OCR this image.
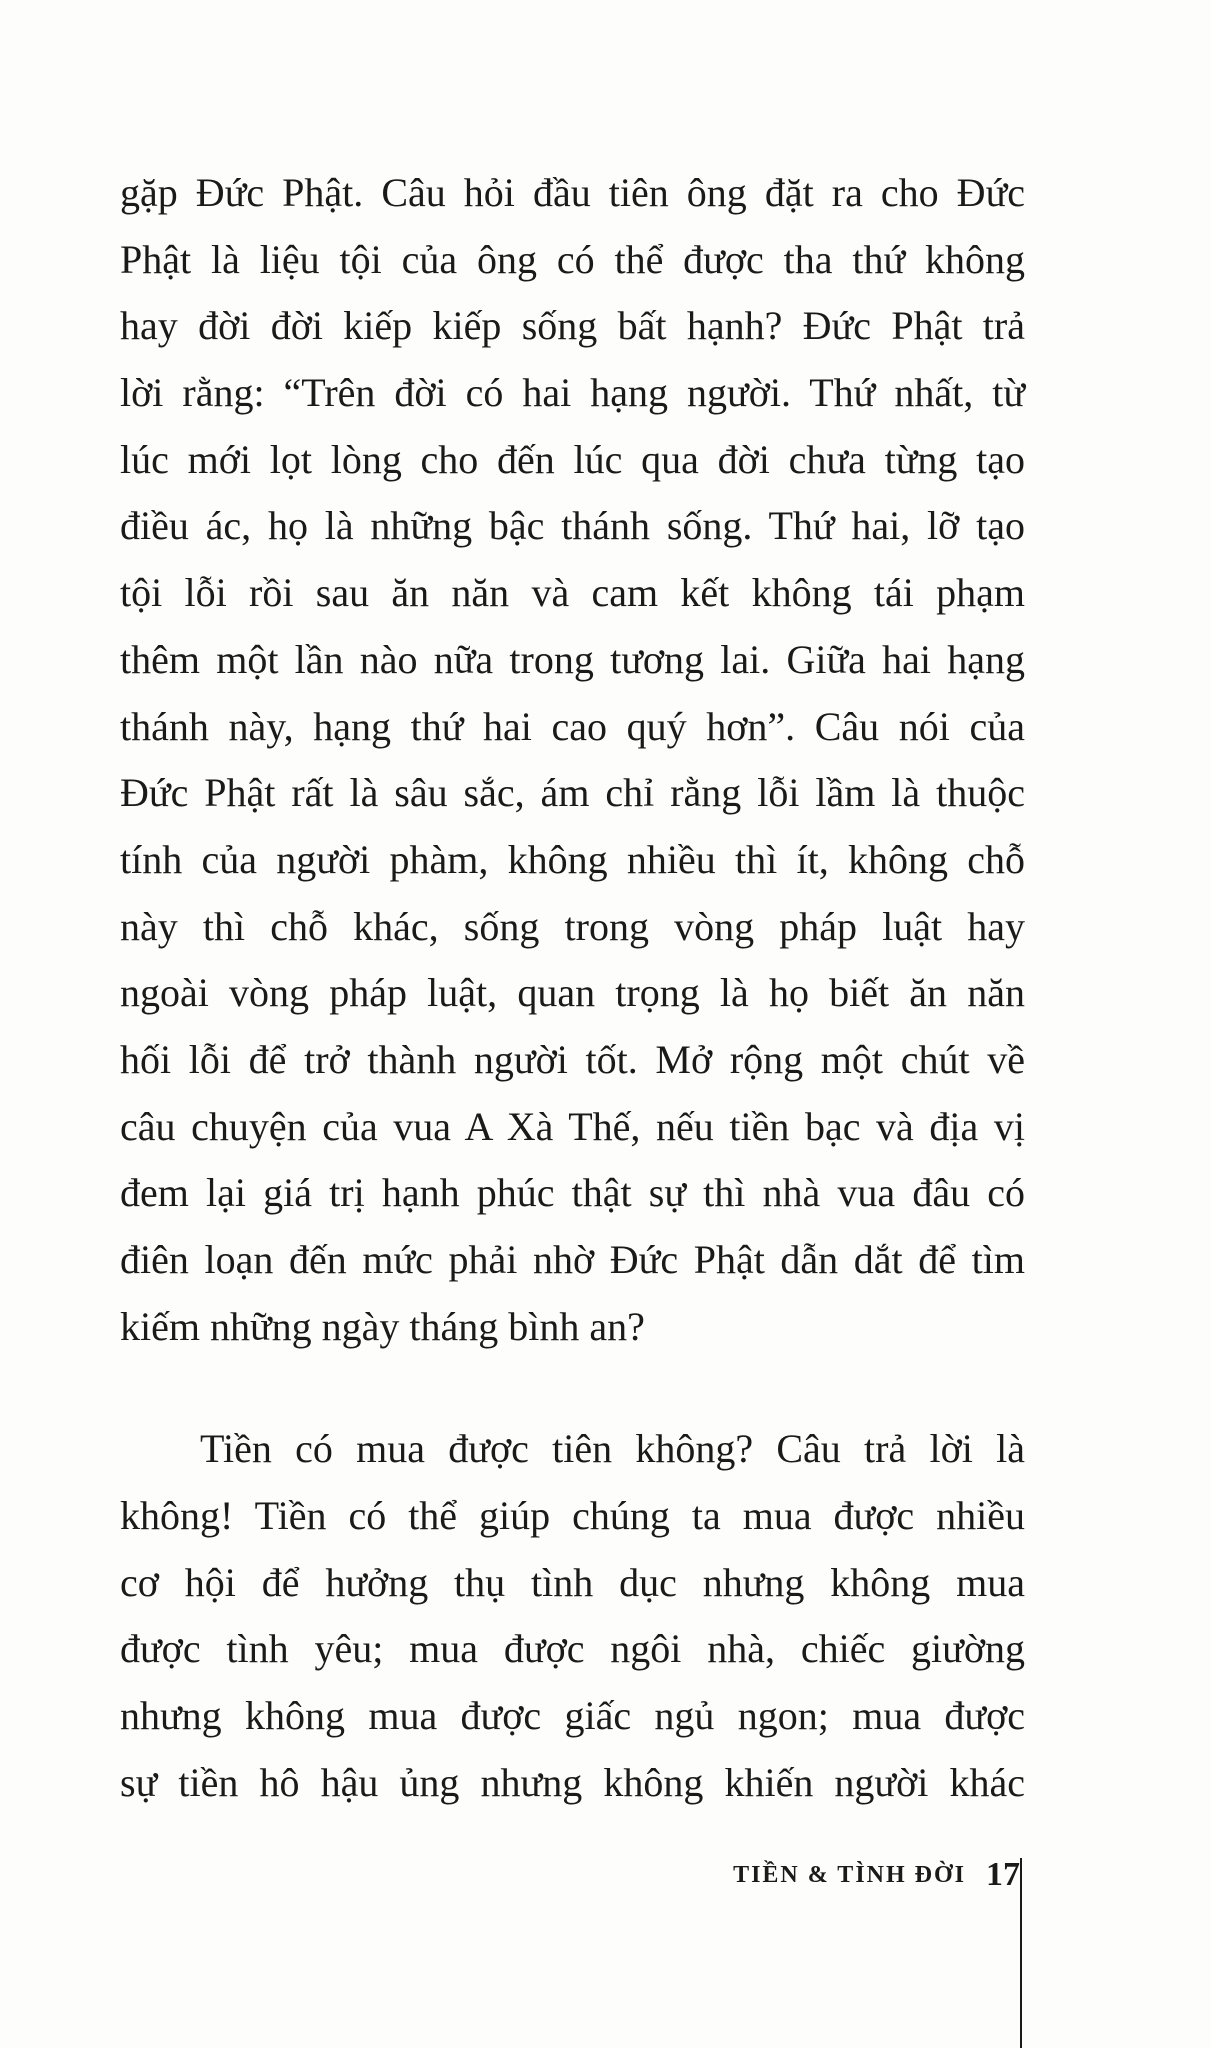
gặp Đức Phật. Câu hỏi đầu tiên ông đặt ra cho Đức
Phật là liệu tội của ông có thể được tha thứ không
hay đời đời kiếp kiếp sống bất hạnh? Đức Phật trả
lời rằng: “Trên đời có hai hạng người. Thứ nhất, từ
lúc mới lọt lòng cho đến lúc qua đời chưa từng tạo
điều ác, họ là những bậc thánh sống. Thứ hai, lỡ tạo
tội lỗi rồi sau ăn năn và cam kết không tái phạm
thêm một lần nào nữa trong tương lai. Giữa hai hạng
thánh này, hạng thứ hai cao quý hơn”. Câu nói của
Đức Phật rất là sâu sắc, ám chỉ rằng lỗi lầm là thuộc
tính của người phàm, không nhiều thì ít, không chỗ
này thì chỗ khác, sống trong vòng pháp luật hay
ngoài vòng pháp luật, quan trọng là họ biết ăn năn
hối lỗi để trở thành người tốt. Mở rộng một chút về
câu chuyện của vua A Xà Thế, nếu tiền bạc và địa vị
đem lại giá trị hạnh phúc thật sự thì nhà vua đâu có
điên loạn đến mức phải nhờ Đức Phật dẫn dắt để tìm
kiếm những ngày tháng bình an?
Tiền có mua được tiên không? Câu trả lời là
không! Tiền có thể giúp chúng ta mua được nhiều
cơ hội để hưởng thụ tình dục nhưng không mua
được tình yêu; mua được ngôi nhà, chiếc giường
nhưng không mua được giấc ngủ ngon; mua được
sự tiền hô hậu ủng nhưng không khiến người khác
TIỀN & TÌNH ĐỜI 17
